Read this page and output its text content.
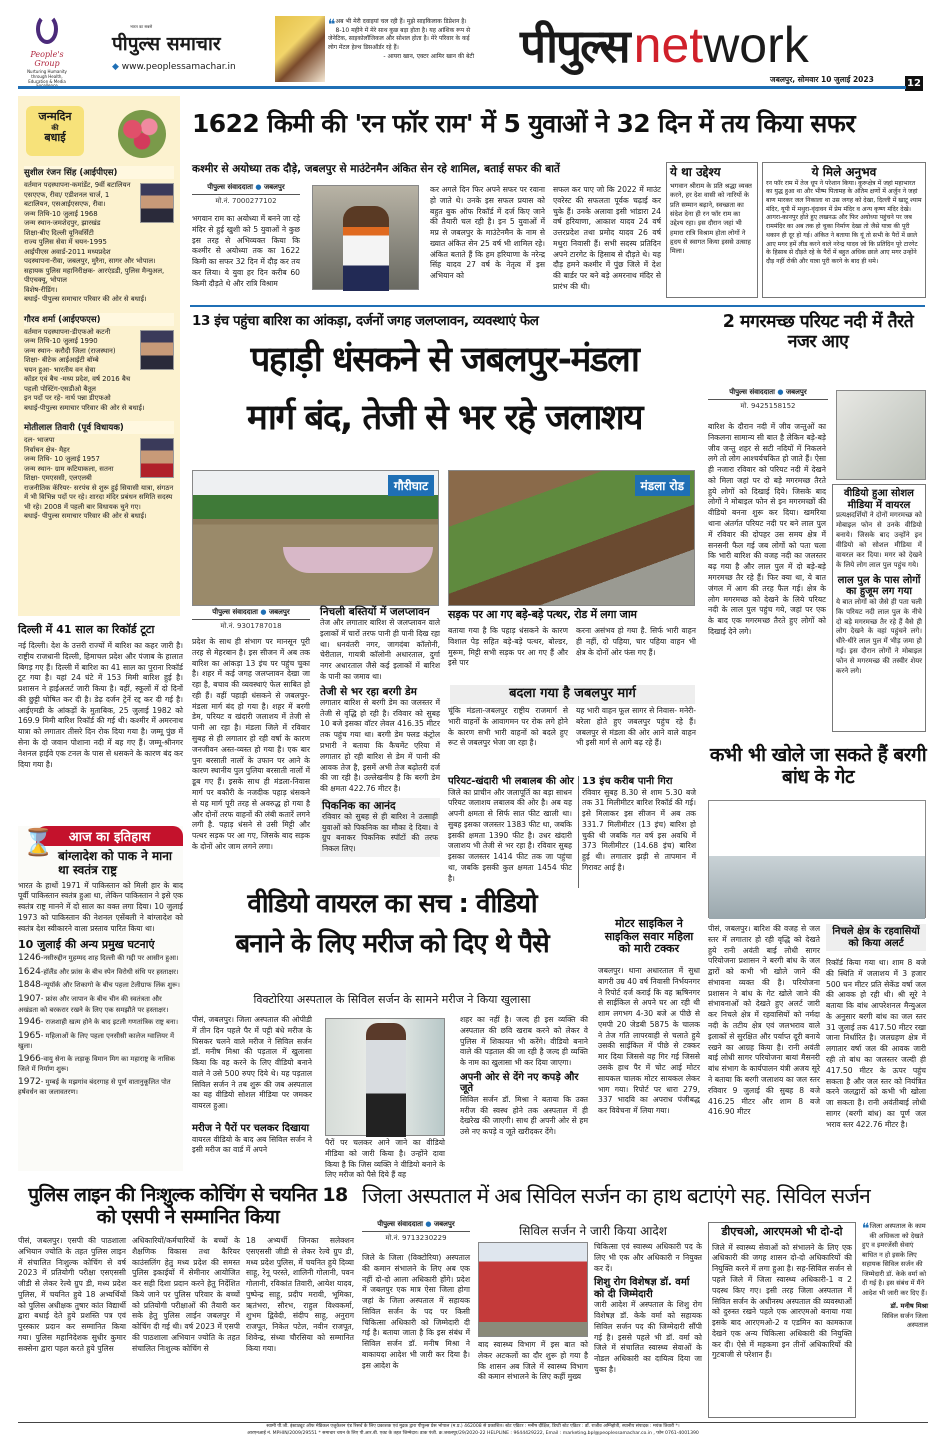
People's Group
Nurturing Humanity through Health, Education & Media
भारत का सबसे
पीपुल्स समाचार
◆ www.peoplessamachar.in
❝ अब भी मेरी दवाइयां चल रही हैं। मुझे साइकिलाक डिप्रेशन है। 8-10 महीने में मेरे साथ कुछ बड़ा होता है। यह आंशिक रूप से जेनेटिक, साइकोलॉजिकल और सोशल होता है। मेरे परिवार के कई लोग मेंटल हेल्थ डिसऑर्डर रहे हैं।
- आयरा खान, एक्टर आमिर खान की बेटी पीपुल्स network
जबलपुर, सोमवार 10 जुलाई 2023	12
जन्मदिन
की
बधाई
सुशील रंजन सिंह (आईपीएस)
वर्तमान पदस्थापना-कमांडेंट, 9वीं बटालियन एसएएफ, रीवा/ एडीशनल चार्ज, 1 बटालियन, एसआईएसएफ, रीवा।
जन्म तिथि-10 जुलाई 1968
जन्म स्थान-जमशेदपुर, झारखंड
शिक्षा-बीए दिल्ली यूनिवर्सिटी
राज्य पुलिस सेवा में चयन-1995
आईपीएस अवार्ड-2011 मध्यप्रदेश
पदस्थापना-रीवा, जबलपुर, मुरैना, सागर और भोपाल।
सहायक पुलिस महानिरीक्षक- आरएंडडी, पुलिस मैन्युअल, पीएचक्यू, भोपाल
विशेष-रीडिंग।
बधाई- पीपुल्स समाचार परिवार की ओर से बधाई।
गौरव शर्मा (आईएफएस)
वर्तमान पदस्थापना-डीएफओ कटनी
जन्म तिथि-10 जुलाई 1990
जन्म स्थान- करौदी जिला (राजस्थान)
शिक्षा- बीटेक आईआईटी बॉम्बे
चयन हुआ- भारतीय वन सेवा
कॉडर एवं बैच -मध्य प्रदेश, वर्ष 2016 बैच
पहली पोस्टिंग-एसडीओ बैतूल
इन पदों पर रहे- नार्थ पन्ना डीएफओ
बधाई-पीपुल्स समाचार परिवार की ओर से बधाई।
मोतीलाल तिवारी (पूर्व विधायक)
दल- भाजपा
निर्वाचन क्षेत्र- मैहर
जन्म तिथि- 10 जुलाई 1957
जन्म स्थान- ग्राम कटियाकला, सतना
शिक्षा- एमएससी, एलएलबी
राजनीतिक कॅरियर- सरपंच से शुरू हुई सियासी यात्रा, संगठन में भी विभिन्न पदों पर रहे। शारदा मंदिर प्रबंधन समिति सदस्य भी रहे। 2008 में पहली बार विधायक चुने गए।
बधाई- पीपुल्स समाचार परिवार की ओर से बधाई।
1622 किमी की 'रन फॉर राम' में 5 युवाओं ने 32 दिन में तय किया सफर
कश्मीर से अयोध्या तक दौड़े, जबलपुर से माउंटेनमैन अंकित सेन रहे शामिल, बताई सफर की बातें
पीपुल्स संवाददाता ● जबलपुर
मो.नं. 7000277102
भगवान राम का अयोध्या में बनने जा रहे मंदिर से हुई खुशी को 5 युवाओं ने कुछ इस तरह से अभिव्यक्त किया कि कश्मीर से अयोध्या तक का 1622 किमी का सफर 32 दिन में दौड़ कर तय कर लिया। ये युवा हर दिन करीब 60 किमी दौड़ते थे और रात्रि विश्राम
कर अगले दिन फिर अपने सफर पर रवाना हो जाते थे। उनके इस सफल प्रयास को बहुत बुक ऑफ रिकॉर्ड में दर्ज किए जाने की तैयारी चल रही है। इन 5 युवाओं में मप्र से जबलपुर के माउंटेनमैन के नाम से ख्यात अंकित सेन 25 वर्ष भी शामिल रहे। अंकित बताते हैं कि हम हरियाणा के नरेन्द्र सिंह यादव 27 वर्ष के नेतृत्व में इस अभियान को
सफल कर पाए जो कि 2022 में माउंट एवरेस्ट की सफलता पूर्वक चढ़ाई कर चुके हैं। उनके अलावा इसी भांडारा 24 वर्ष हरियाणा, आकाश यादव 24 वर्ष उत्तरप्रदेश तथा प्रमोद यादव 26 वर्ष मथुरा निवासी हैं। सभी सदस्य प्रतिदिन अपने टारगेट के हिसाब से दौड़ते थे। यह दौड़ हमने कश्मीर में पुंछ जिले में देश की बार्डर पर बने बड़े अमरनाथ मंदिर से प्रारंभ की थी।
ये था उद्देश्य
भगवान श्रीराम के प्रति श्रद्धा व्यक्त करने, हर देश वासी को नारियों के प्रति सम्मान बढ़ाने, स्वच्छता का संदेश देना ही रन फॉर राम का उद्देश्य रहा। इस दौरान जहां भी हमारा रात्रि विश्राम होता लोगों ने हृदय से स्वागत किया इससे उत्साह मिला।
ये मिले अनुभव
रन फॉर राम में तेज धूप ने परेशान किया। कुरूक्षेत्र में जहां महाभारत का युद्ध हुआ था और भीष्म पितामह के अंतिम क्षणों में अर्जुन ने जहां बाण मारकर जल निकाला था उस जगह को देखा, दिल्ली में खाटू श्याम मंदिर, यूपी में मथुरा-वृंदावन में प्रेम मंदिर व अन्य कृष्ण मंदिर देखे। आगरा-कानपुर होते हुए लखनऊ और फिर अयोध्या पहुंचने पर जब राममंदिर का अब तक हो चुका निर्माण देखा तो जैसे यात्रा की पूरी थकान ही दूर हो गई। अंकित ने बताया कि यूं तो सभी के पैरों में छाले आए मगर हमें लीड करने वाले नरेन्द्र यादव जो कि प्रतिदिन पूरे टारगेट के हिसाब से दौड़ते रहे के पैरों में बहुत अधिक छाले आए मगर उन्होंने दौड़ नहीं रोकी और यात्रा पूरी करने के बाद ही थमे।
13 इंच पहुंचा बारिश का आंकड़ा, दर्जनों जगह जलप्लावन, व्यवस्थाएं फेल
पहाड़ी धंसकने से जबलपुर-मंडला
मार्ग बंद, तेजी से भर रहे जलाशय
गौरीघाट	मंडला रोड
पीपुल्स संवाददाता ● जबलपुर
मो.नं. 9301787018
प्रदेश के साथ ही संभाग पर मानसून पूरी तरह से मेहरबान है। इस सीजन में अब तक बारिश का आंकड़ा 13 इंच पर पहुंच चुका है। शहर में कई जगह जलप्लावन देखा जा रहा है, बचाव की व्यवस्थाएं फेल साबित हो रही हैं। वहीं पहाड़ी धंसकने से जबलपुर-मंडला मार्ग बंद हो गया है। शहर में बरगी डेम, परियट व खंदारी जलाशय में तेजी से पानी आ रहा है। मंडला जिले में रविवार सुबह से ही लगातार हो रही वर्षा के कारण जनजीवन अस्त-व्यस्त हो गया है। एक बार पुनः बरसाती नालों के उफान पर आने के कारण स्थानीय पुल पुलिया बरसाती नालों में डूब गए हैं। इसके साथ ही मंडला-निवास मार्ग पर बकौरी के नजदीक पहाड़ धंसकने से यह मार्ग पूरी तरह से अवरुद्ध हो गया है और दोनों तरफ वाहनों की लंबी कतारें लगने लगी है. पहाड़ धंसने से उसी मिट्टी और पत्थर सड़क पर आ गए, जिसके बाद सड़क के दोनों ओर जाम लगने लगा।
निचली बस्तियों में जलप्लावन
तेज और लगातार बारिश से जलप्लावन वाले इलाकों में चारों तरफ पानी ही पानी दिख रहा था। धनवंतरी नगर, जागदंबा कॉलोनी, चेरीताल, गायत्री कॉलोनी अधारताल, दुर्गा नगर अधारताल जैसे कई इलाकों में बारिश के पानी का जमाव था।
तेजी से भर रहा बरगी डेम
लगातार बारिश से बरगी डेम का जलस्तर में तेजी से वृद्धि हो रही है। रविवार को सुबह 10 बजे इसका वॉटर लेवल 416.35 मीटर तक पहुंच गया था। बरगी डेम फ्लड कंट्रोल प्रभारी ने बताया कि कैचमेंट एरिया में लगातार हो रही बारिश से डेम में पानी की आवक तेज है, इसमें अभी तेज बढ़ोतरी दर्ज की जा रही है। उल्लेखनीय है कि बरगी डेम की क्षमता 422.76 मीटर है।
पिकनिक का आनंद
रविवार को सुबह से ही बारिश ने उत्साही युवाओं को पिकनिक का मौका दे दिया। वे ग्रुप बनाकर पिकनिक स्पॉटों की तरफ निकल लिए।
सड़क पर आ गए बड़े-बड़े पत्थर, रोड में लगा जाम
बताया गया है कि पहाड़ धंसकने के कारण विशाल पेड़ सहित बड़े-बड़े पत्थर, बोल्डर, मुरूम, मिट्टी सभी सड़क पर आ गए हैं और इसे पार
करना असंभव हो गया है. सिर्फ भारी वाहन ही नहीं, दो पहिया, चार पहिया वाहन भी क्षेत्र के दोनों ओर फंस गए हैं।
बदला गया है जबलपुर मार्ग
चूंकि मंडला-जबलपुर राष्ट्रीय राजमार्ग से भारी वाहनों के आवागमन पर रोक लगे होने के कारण सभी भारी वाहनों को बदले हुए रूट से जबलपुर भेजा जा रहा है।
यह भारी वाहन फूल सागर से निवास- मनेरी- बरेला होते हुए जबलपुर पहुंच रहे हैं। जबलपुर से मंडला की ओर आने वाले वाहन भी इसी मार्ग से आगे बढ़ रहे हैं।
परियट-खंदारी भी लबालब की ओर
जिले का प्राचीन और जलापूर्ति का बड़ा साधन परियट जलाशय लबालब की ओर है। अब यह अपनी क्षमता से सिर्फ सात फीट खाली था। सुबह इसका जलस्तर 1383 फीट था, जबकि इसकी क्षमता 1390 फीट है। उधर खंदारी जलाशय भी तेजी से भर रहा है। रविवार सुबह इसका जलस्तर 1414 फीट तक जा पहुंचा था, जबकि इसकी कुल क्षमता 1454 फीट है।
13 इंच करीब पानी गिरा
रविवार सुबह 8.30 से शाम 5.30 बजे तक 31 मिलीमीटर बारिश रिकॉर्ड की गई। इसे मिलाकर इस सीजन में अब तक 331.7 मिलीमीटर (13 इंच) बारिश हो चुकी थी जबकि गत वर्ष इस अवधि में 373 मिलीमीटर (14.68 इंच) बारिश हुई थी। लगातार झड़ी से तापमान में गिरावट आई है।
2 मगरमच्छ परियट नदी में तैरते नजर आए
पीपुल्स संवाददाता ● जबलपुर
मो. 9425158152
बारिश के दौरान नदी में जीव जन्तुओं का निकलना सामान्य सी बात है लेकिन बड़े-बड़े जीव जन्तु शहर से सटी नदियों में निकलने लगे तो लोग आश्चर्यचकित हो जाते हैं। ऐसा ही नजारा रविवार को परियट नदी में देखने को मिला जहां पर दो बड़े मगरमच्छ तैरते हुये लोगों को दिखाई दिये। जिसके बाद लोगों ने मोबाइल फोन से इन मगरमच्छों की वीडियो बनना शुरू कर दिया। खमरिया थाना अंतर्गत परियट नदी पर बने लाल पुल में रविवार की दोपहर उस समय क्षेत्र में सनसनी फैल गई जब लोगों को पता चला कि भारी बारिश की वजह नदी का जलस्तर बढ़ गया है और लाल पुल में दो बड़े-बड़े मगरमच्छ तैर रहे हैं। फिर क्या था, ये बात जंगल में आग की तरह फैल गई। क्षेत्र के लोग मगरमच्छ को देखने के लिये परियट नदी के लाल पुल पहुंच गये, जहां पर एक के बाद एक मगरमच्छ तैरते हुए लोगों को दिखाई देने लगे।
वीडियो हुआ सोशल मीडिया में वायरल
प्रत्यक्षदर्शियों ने दोनों मगरमच्छ को मोबाइल फोन से उनके वीडियो बनाये। जिसके बाद उन्होंने इन वीडियो को सोशल मीडिया में वायरल कर दिया। मगर को देखने के लिये लोग लाल पुल पहुंच गये।
लाल पुल के पास लोगों का हुजूम लग गया
ये बात लोगों को जैसे ही पता चली कि परियट नदी लाल पुल के नीचे दो बड़े मगरमच्छ तैर रहे हैं वैसे ही लोग देखने के वहां पहुंचने लगे। धीरे-धीरे लाल पुल में भीड़ जमा हो गई। इस दौरान लोगों ने मोबाइल फोन से मगरमच्छ की तस्वीर शेयर करने लगे।
कभी भी खोले जा सकते हैं बरगी बांध के गेट
पीसं, जबलपुर। बारिश की वजह से जल स्तर में लगातार हो रही वृद्धि को देखते हुये रानी अवंती बाई लोधी सागर परियोजना प्रशासन ने बरगी बांध के जल द्वारों को कभी भी खोले जाने की संभावना व्यक्त की है। परियोजना प्रशासन ने बांध के गेट खोले जाने की संभावनाओं को देखते हुए अलर्ट जारी कर निचले क्षेत्र में रहवासियों को नर्मदा नदी के तटीय क्षेत्र एवं जलभराव वाले इलाकों से सुरक्षित और पर्याप्त दूरी बनाये रखने का आग्रह किया है। रानी अवंती बाई लोधी सागर परियोजना बायां मैसनरी बांध संभाग के कार्यपालन यंत्री अजय सूरे ने बताया कि बरगी जलाशय का जल स्तर रविवार 9 जुलाई की सुबह 8 बजे 416.25 मीटर और शाम 8 बजे 416.90 मीटर
निचले क्षेत्र के रहवासियों को किया अलर्ट
रिकॉर्ड किया गया था। शाम 8 बजे की स्थिति में जलाशय में 3 हजार 500 घन मीटर प्रति सेकेंड वर्षा जल की आवक हो रही थी। श्री सूरे ने बताया कि बांध आपरेशनल मैन्युअल के अनुसार बरगी बांध का जल स्तर 31 जुलाई तक 417.50 मीटर रखा जाना निर्धारित है। जलग्रहण क्षेत्र में लगातार वर्षा जल की आवक जारी रही तो बांध का जलस्तर जल्दी ही 417.50 मीटर के ऊपर पहुंच सकता है और जल स्तर को नियंत्रित करने जलद्वारों को कभी भी खोला जा सकता है। रानी अवंतीबाई लोधी सागर (बरगी बांध) का पूर्ण जल भराव स्तर 422.76 मीटर है।
दिल्ली में 41 साल का रिकॉर्ड टूटा
नई दिल्ली। देश के उत्तरी राज्यों में बारिश का कहर जारी है। राष्ट्रीय राजधानी दिल्ली, हिमाचल प्रदेश और पंजाब के हालात बिगड़ गए हैं। दिल्ली में बारिश का 41 साल का पुराना रिकॉर्ड टूट गया है। यहां 24 घंटे में 153 मिमी बारिश हुई है। प्रशासन ने हाईअलर्ट जारी किया है। वहीं, स्कूलों में दो दिनों की छुट्टी घोषित कर दी है। डेढ़ दर्जन ट्रेनें रद्द कर दी गई है। आईएमडी के आंकड़ों के मुताबिक, 25 जुलाई 1982 को 169.9 मिमी बारिश रिकॉर्ड की गई थी। कश्मीर में अमरनाथ यात्रा को लगातार तीसरे दिन रोक दिया गया है। जम्मू पुंछ में सेना के दो जवान पोशाना नदी में बह गए हैं। जम्मू-श्रीनगर नेशनल हाईवे एक टनल के पास से धसकने के कारण बंद कर दिया गया है।
आज का इतिहास
⌛ बांग्लादेश को पाक ने माना था स्वतंत्र राष्ट्र
भारत के हाथों 1971 में पाकिस्तान को मिली हार के बाद पूर्वी पाकिस्तान स्वतंत्र हुआ था, लेकिन पाकिस्तान ने इसे एक स्वतंत्र राष्ट्र मानने में दो साल का वक्त लगा दिया। 10 जुलाई 1973 को पाकिस्तान की नेशनल एसेंबली ने बांग्लादेश को स्वतंत्र देश स्वीकारने वाला प्रस्ताव पारित किया था।
10 जुलाई की अन्य प्रमुख घटनाएं
1246-नसीरुद्दीन मुहम्मद शाह दिल्ली की गद्दी पर आसीन हुआ।
1624-हॉलैंड और फ्रांस के बीच स्पेन विरोधी संधि पर हस्ताक्षर।
1848-न्यूयॉर्क और शिकागो के बीच पहला टेलीग्राफ लिंक शुरू।
1907- फ्रांस और जापान के बीच चीन की स्वतंत्रता और अखंडता को बरकरार रखने के लिए एक समझौते पर हस्ताक्षर।
1946- राजशाही खत्म होने के बाद इटली गणतांत्रिक राष्ट्र बना।
1965- महिलाओं के लिए पहला एनसीसी कालेज ग्वालियर में खुला।
1966-वायु सेना के लड़ाकू विमान मिग का महाराष्ट्र के नासिक जिले में निर्माण शुरू।
1972- मुम्बई के मझगांव बंदरगाह से पूर्ण वातानुकूलित पोत हर्षवर्धन का जलावतरण।
वीडियो वायरल का सच : वीडियो
बनाने के लिए मरीज को दिए थे पैसे
विक्टोरिया अस्पताल के सिविल सर्जन के सामने मरीज ने किया खुलासा
पीसं, जबलपुर। जिला अस्पताल की ओपीडी में तीन दिन पहले पैर में पट्टी बंधे मरीज के घिसकर चलने वाले मरीज ने सिविल सर्जन डॉ. मनीष मिश्रा की पड़ताल में खुलासा किया कि वह करने के लिए वीडियो बनाने वाले ने उसे 500 रुपए दिये थे। यह पड़ताल सिविल सर्जन ने तब शुरू की जब अस्पताल का यह वीडियो सोशल मीडिया पर जमकर वायरल हुआ।
मरीज ने पैरों पर चलकर दिखाया
वायरल वीडियो के बाद अब सिविल सर्जन ने इसी मरीज का वार्ड में अपने
पैरों पर चलकर आने जाने का वीडियो मीडिया को जारी किया है। उन्होंने दावा किया है कि जिस व्यक्ति ने वीडियो बनाने के लिए मरीज को पैसे दिये हैं वह
शहर का नहीं है। जल्द ही इस व्यक्ति की अस्पताल की छवि खराब करने को लेकर वे पुलिस में शिकायत भी करेंगे। वीडियो बनाने वाले की पड़ताल की जा रही है जल्द ही व्यक्ति के नाम का खुलासा भी कर दिया जाएगा।
अपनी ओर से देंगे नए कपड़े और जूते
सिविल सर्जन डॉ. मिश्रा ने बताया कि उक्त मरीज की स्वस्थ होने तक अस्पताल में ही देखरेख की जाएगी। साथ ही अपनी ओर से हम उसे नए कपड़े व जूते खरीदकर देंगे।
मोटर साइकिल ने साइकिल सवार महिला को मारी टक्कर
जबलपुर। थाना अधारताल में सुधा बागरी उम्र 40 वर्ष निवासी निर्भयनगर ने रिपोर्ट दर्ज कराई कि वह ऋषिनगर से साईकिल से अपने घर आ रही थी शाम लगभग 4-30 बजे अ पीछे से एमपी 20 जेडबी 5875 के चालक ने तेज गति लापरवाही से चलाते हुये उसकी साईकिल में पीछे से टक्कर मार दिया जिससे वह गिर गई जिससे उसके हाथ पैर में चोट आई मोटर सायकल चालक मोटर सायकल लेकर भाग गया। रिपोर्ट पर धारा 279, 337 भादवि का अपराध पंजीबद्ध कर विवेचना में लिया गया।
पुलिस लाइन की निःशुल्क कोचिंग से चयनित 18 को एसपी ने सम्मानित किया
पीसं, जबलपुर। एसपी की पाठशाला अभियान ज्योति के तहत पुलिस लाइन में संचालित निःशुल्क कोचिंग से वर्ष 2023 में प्रतियोगी परीक्षा एसएससी जीडी से लेकर रेल्वे ग्रुप डी, मध्य प्रदेश पुलिस, में चयनित हुये 18 अभ्यर्थियों को पुलिस अधीक्षक तुषार कांत विद्यार्थी द्वारा बधाई देते हुये प्रशस्ति पत्र एवं पुरस्कार प्रदान कर सम्मानित किया गया। पुलिस महानिदेशक सुधीर कुमार सक्सेना द्वारा पहल करते हुये पुलिस
अधिकारियों/कर्मचारियों के बच्चों के शैक्षणिक विकास तथा कैरियर काउंसलिंग हेतु मध्य प्रदेश की समस्त पुलिस इकाईयों में सेमीनार आयोजित कर सही दिशा प्रदान करने हेतु निर्देशित किये जाने पर पुलिस परिवार के बच्चों को प्रतियोगी परीक्षाओं की तैयारी कर सके हेतु पुलिस लाईन जबलपुर में कोचिंग दी गई थी। वर्ष 2023 में एसपी की पाठशाला अभियान ज्योति के तहत संचालित निःशुल्क कोचिंग से
18 अभ्यर्थी जिनका सलेक्शन एसएससी जीडी से लेकर रेल्वे ग्रुप डी, मध्य प्रदेश पुलिस, में चयनित हुये दिव्या साहू, रेनू परस्ते, शालिनी गोलानी, पवन गोलानी, रविकांत तिवारी, आयेश यादव, पुष्पेन्द्र साहू, प्रदीप मरावी, भूमिका, ऋतंभरा, सौरभ, राहुल विश्वकर्मा, शुभम द्विवेदी, संदीप साहू, अनुराग राजपूत, निकेत पटेल, नवीन राजपूत, शिवेन्द्र, संध्या चौरसिया को सम्मानित किया गया।
जिला अस्पताल में अब सिविल सर्जन का हाथ बटाएंगे सह. सिविल सर्जन
पीपुल्स संवाददाता ● जबलपुर
मो.नं. 9713230229
जिले के जिला (विक्टोरिया) अस्पताल की कमान संभालने के लिए अब एक नहीं दो-दो आला अधिकारी होंगे। प्रदेश में जबलपुर एक मात्र ऐसा जिला होगा जहां के जिला अस्पताल में सहायक सिविल सर्जन के पद पर किसी चिकित्सा अधिकारी को जिम्मेदारी दी गई है। बताया जाता है कि इस संबंध में सिविल सर्जन डॉ. मनीष मिश्रा ने बाकायदा आदेश भी जारी कर दिया है। इस आदेश के
सिविल सर्जन ने जारी किया आदेश
बाद स्वास्थ्य विभाग में इस बात को लेकर अटकलों का दौर शुरू हो गया है कि शासन अब जिले में स्वास्थ्य विभाग की कमान संभालने के लिए कहीं मुख्य
चिकित्सा एवं स्वास्थ्य अधिकारी पद के लिए भी एक और अधिकारी न नियुक्त कर दें।
शिशु रोग विशेषज्ञ डॉ. वर्मा को दी जिम्मेदारी
जारी आदेश में अस्पताल के शिशु रोग विशेषज्ञ डॉ. केके वर्मा को सहायक सिविल सर्जन पद की जिम्मेदारी सौंपी गई है। इससे पहले भी डॉ. वर्मा को जिले में संचालित स्वास्थ्य सेवाओं के नोडल अधिकारी का दायित्व दिया जा चुका है।
डीएचओ, आरएमओ भी दो-दो
जिले में स्वास्थ्य सेवाओं को संभालने के लिए एक अधिकारी की जगह शासन दो-दो अधिकारियों की नियुक्ति करने में लगा हुआ है। सह-सिविल सर्जन से पहले जिले में जिला स्वास्थ्य अधिकारी-1 व 2 पदस्थ किए गए। इसी तरह जिला अस्पताल में सिविल सर्जन के अधीनस्थ अस्पताल की व्यवस्थाओं को दुरुस्त रखने पहले एक आरएमओ बनाया गया इसके बाद आरएमओ-2 व एडमिन का कामकाज देखने एक अन्य चिकित्सा अधिकारी की नियुक्ति कर दी। ऐसे में महकमा इन तीनों अधिकारियों की गुटबाजी से परेशान हैं।
❝ जिला अस्पताल के काम की अधिकता को देखते हुए व इमरजेंसी सेवाएं बाधित न हो इसके लिए सहायक सिविल सर्जन की जिम्मेदारी डॉ. केके वर्मा को दी गई है। इस संबंध में मैंने आदेश भी जारी कर दिए हैं।
डॉ. मनीष मिश्रा
सिविल सर्जन जिला अस्पताल
स्वामी पी.जी. इंस्टाट्यूट ऑफ मेडिकल एजुकेशन एंड रिसर्च के लिए प्रकाशक एवं मुद्रक द्वारा पीपुल्स प्रेस भोपाल (म.प्र.) 462008 से प्रकाशित। स्टेट एडिटर : मनीष दीक्षित, डिप्टी स्टेट एडिटर : डॉ. राजीव अग्निहोत्री, स्थानीय संपादक : मयंक तिवारी *।
आरएनआई नं. MPHIN/2009/29551 * समाचार चयन के लिए पी.आर.बी. एक्ट के तहत जिम्मेदार। डाक पंजी. क्र.जबलपुर/29/2020-22 HELPLINE : 9644429222, Email : marketing.bpl@peoplessamachar.co.in , फोन 0761-4001390
